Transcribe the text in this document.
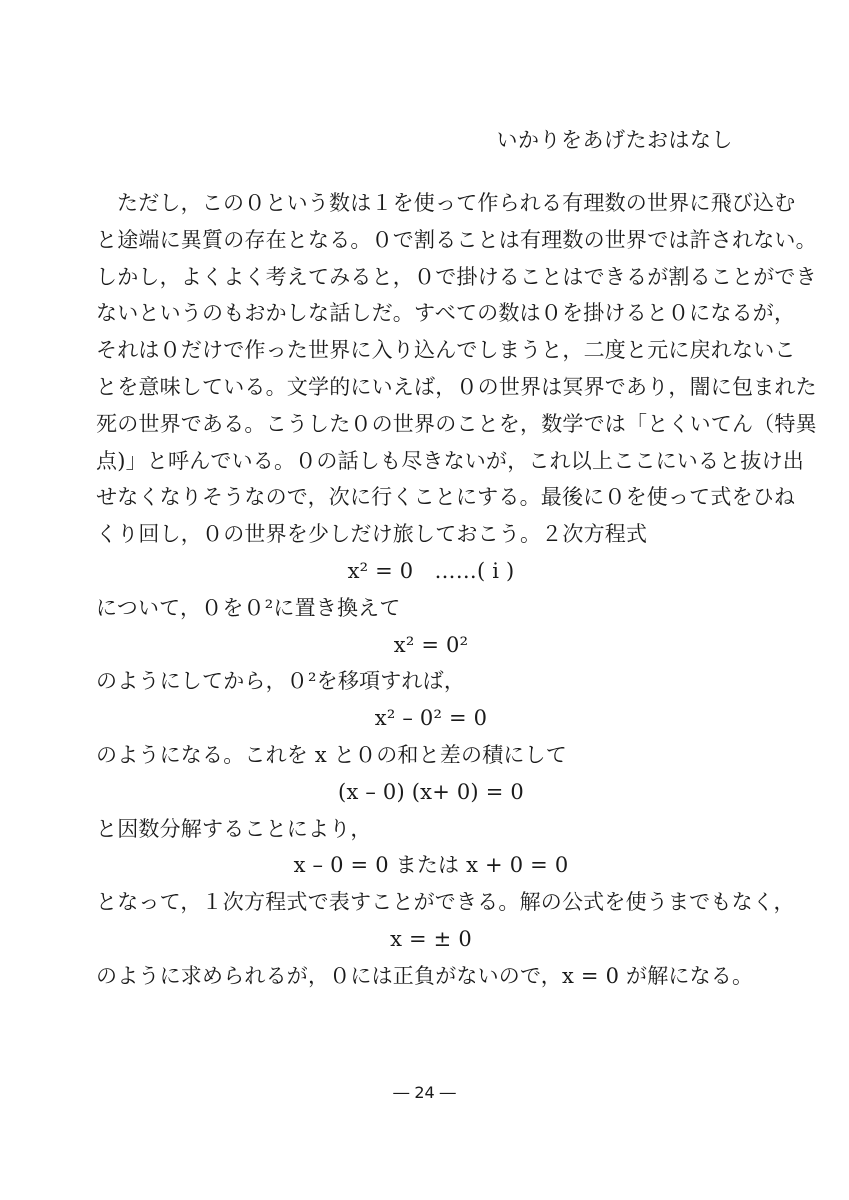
いかりをあげたおはなし
ただし，この０という数は１を使って作られる有理数の世界に飛び込む
と途端に異質の存在となる。０で割ることは有理数の世界では許されない。
しかし，よくよく考えてみると，０で掛けることはできるが割ることができ
ないというのもおかしな話しだ。すべての数は０を掛けると０になるが，
それは０だけで作った世界に入り込んでしまうと，二度と元に戻れないこ
とを意味している。文学的にいえば，０の世界は冥界であり，闇に包まれた
死の世界である。こうした０の世界のことを，数学では「とくいてん（特異
点)」と呼んでいる。０の話しも尽きないが，これ以上ここにいると抜け出
せなくなりそうなので，次に行くことにする。最後に０を使って式をひね
くり回し，０の世界を少しだけ旅しておこう。２次方程式
x² = 0　……( i )
について，０を０²に置き換えて
x² = 0²
のようにしてから，０²を移項すれば，
x² – 0² = 0
のようになる。これを x と０の和と差の積にして
(x – 0) (x+ 0) = 0
と因数分解することにより，
x – 0 = 0 または x + 0 = 0
となって，１次方程式で表すことができる。解の公式を使うまでもなく，
x = ± 0
のように求められるが，０には正負がないので，x = 0 が解になる。
― 24 ―
